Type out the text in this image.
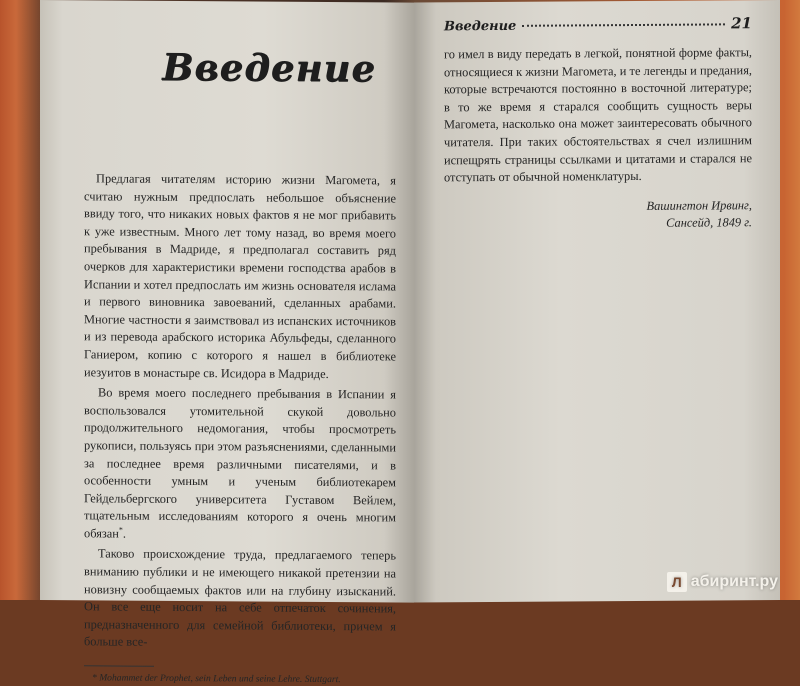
Введение

Предлагая читателям историю жизни Магомета, я считаю нужным предпослать небольшое объяснение ввиду того, что никаких новых фактов я не мог прибавить к уже известным. Много лет тому назад, во время моего пребывания в Мадриде, я предполагал составить ряд очерков для характеристики времени господства арабов в Испании и хотел предпослать им жизнь основателя ислама и первого виновника завоеваний, сделанных арабами. Многие частности я заимствовал из испанских источников и из перевода арабского историка Абульфеды, сделанного Ганиером, копию с которого я нашел в библиотеке иезуитов в монастыре св. Исидора в Мадриде.

Во время моего последнего пребывания в Испании я воспользовался утомительной скукой довольно продолжительного недомогания, чтобы просмотреть рукописи, пользуясь при этом разъяснениями, сделанными за последнее время различными писателями, и в особенности умным и ученым библиотекарем Гейдельбергского университета Густавом Вейлем, тщательным исследованиям которого я очень многим обязан*.

Таково происхождение труда, предлагаемого теперь вниманию публики и не имеющего никакой претензии на новизну сообщаемых фактов или на глубину изысканий. Он все еще носит на себе отпечаток сочинения, предназначенного для семейной библиотеки, причем я больше все-

* Mohammet der Prophet, sein Leben und seine Lehre. Stuttgart.

Введение	21

го имел в виду передать в легкой, понятной форме факты, относящиеся к жизни Магомета, и те легенды и предания, которые встречаются постоянно в восточной литературе; в то же время я старался сообщить сущность веры Магомета, насколько она может заинтересовать обычного читателя. При таких обстоятельствах я счел излишним испещрять страницы ссылками и цитатами и старался не отступать от обычной номенклатуры.

Вашингтон Ирвинг,
Сансейд, 1849 г.
Л абиринт.ру
